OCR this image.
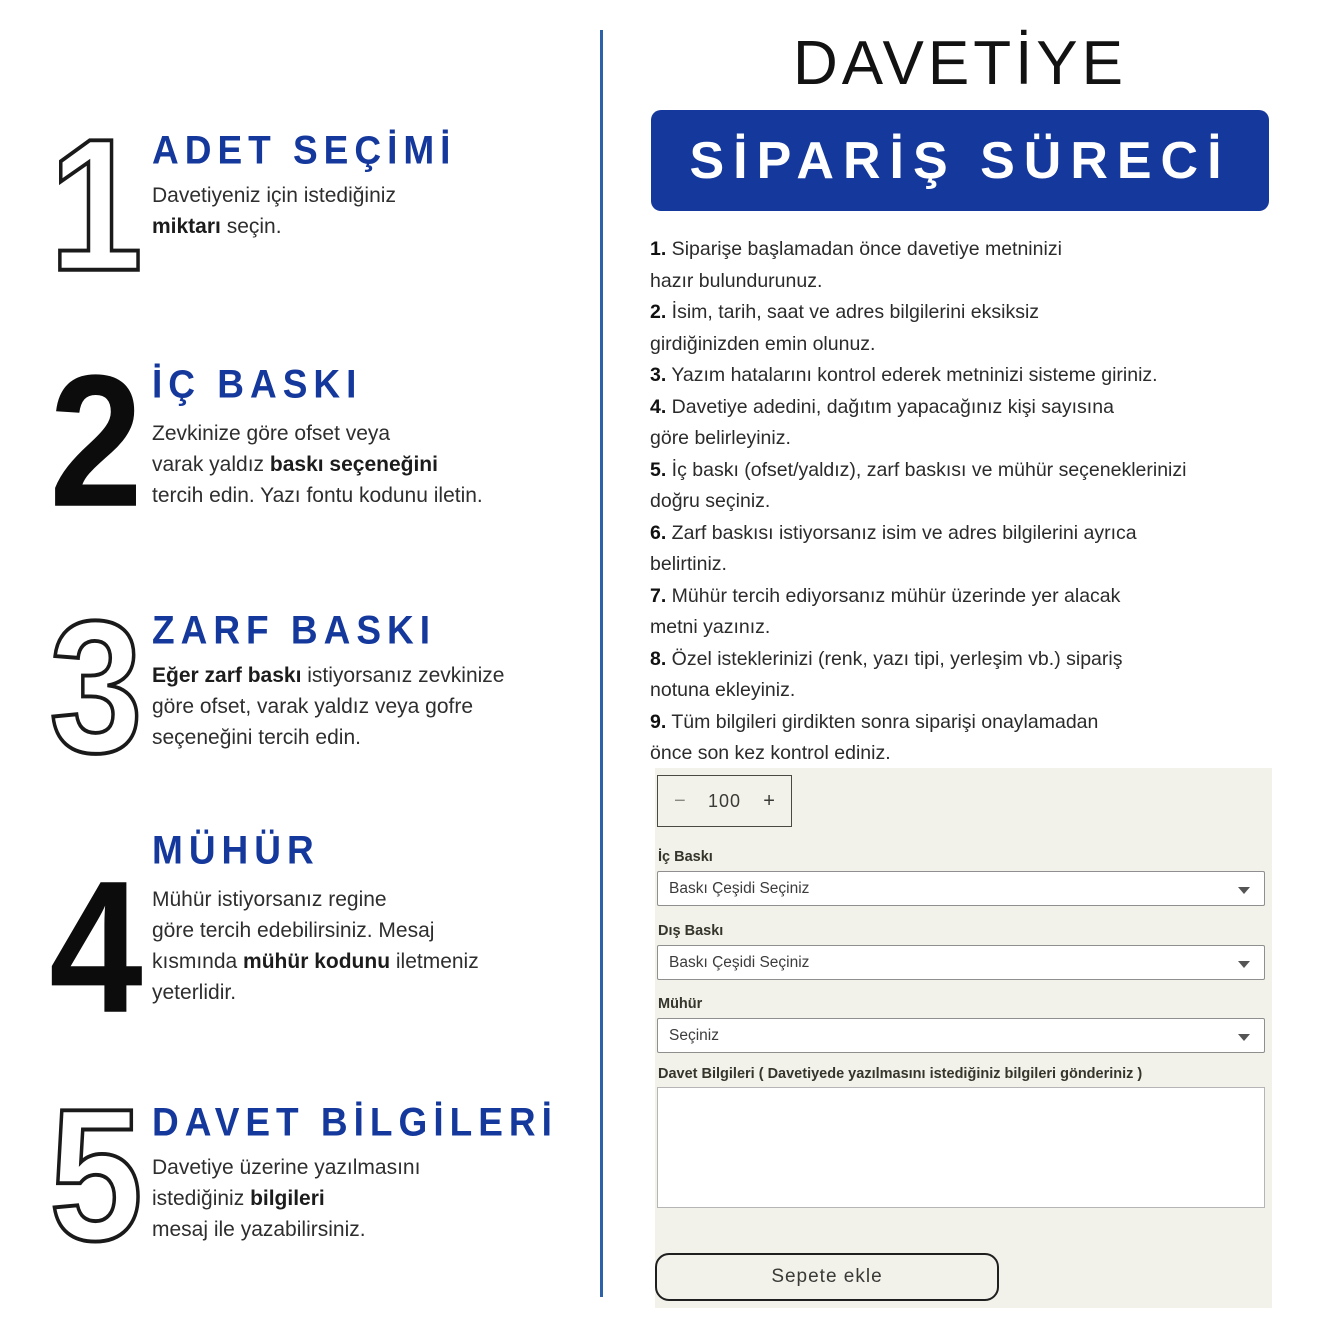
1 ADET SEÇİMİ
Davetiyeniz için istediğiniz
miktarı seçin.
2 İÇ BASKI
Zevkinize göre ofset veya
varak yaldız baskı seçeneğini
tercih edin. Yazı fontu kodunu iletin.
3 ZARF BASKI
Eğer zarf baskı istiyorsanız zevkinize
göre ofset, varak yaldız veya gofre
seçeneğini tercih edin.
4 MÜHÜR
Mühür istiyorsanız regine
göre tercih edebilirsiniz. Mesaj
kısmında mühür kodunu iletmeniz
yeterlidir.
5 DAVET BİLGİLERİ
Davetiye üzerine yazılmasını
istediğiniz bilgileri
mesaj ile yazabilirsiniz.
DAVETİYE
SİPARİŞ SÜRECİ

1. Siparişe başlamadan önce davetiye metninizi
hazır bulundurunuz.

2. İsim, tarih, saat ve adres bilgilerini eksiksiz
girdiğinizden emin olunuz.

3. Yazım hatalarını kontrol ederek metninizi sisteme giriniz.

4. Davetiye adedini, dağıtım yapacağınız kişi sayısına
göre belirleyiniz.

5. İç baskı (ofset/yaldız), zarf baskısı ve mühür seçeneklerinizi
doğru seçiniz.

6. Zarf baskısı istiyorsanız isim ve adres bilgilerini ayrıca
belirtiniz.

7. Mühür tercih ediyorsanız mühür üzerinde yer alacak
metni yazınız.

8. Özel isteklerinizi (renk, yazı tipi, yerleşim vb.) sipariş
notuna ekleyiniz.

9. Tüm bilgileri girdikten sonra siparişi onaylamadan
önce son kez kontrol ediniz.

− 100 +
İç Baskı
Baskı Çeşidi Seçiniz
Dış Baskı
Baskı Çeşidi Seçiniz
Mühür
Seçiniz
Davet Bilgileri ( Davetiyede yazılmasını istediğiniz bilgileri gönderiniz )
Sepete ekle
